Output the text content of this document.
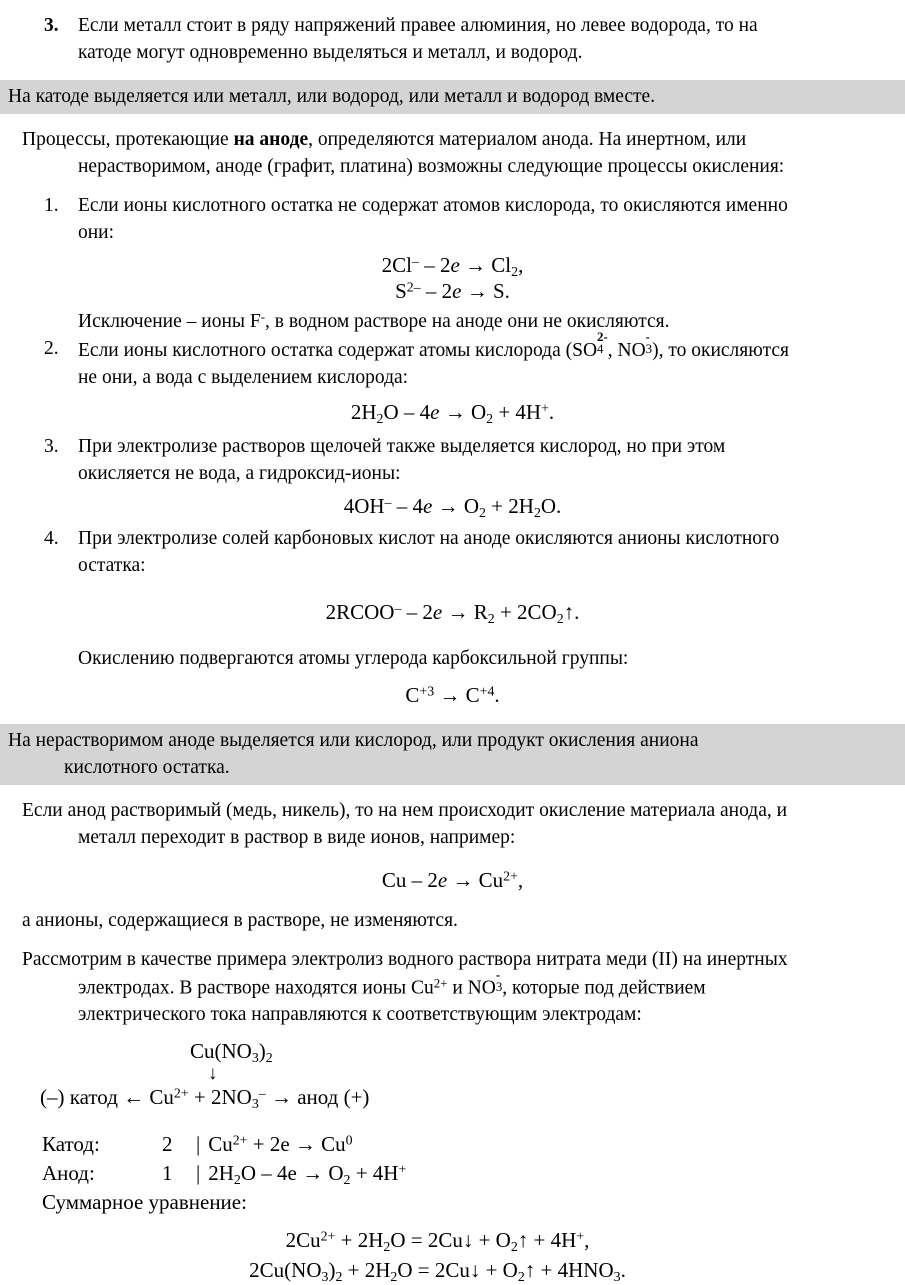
3. Если металл стоит в ряду напряжений правее алюминия, но левее водорода, то на
катоде могут одновременно выделяться и металл, и водород.
На катоде выделяется или металл, или водород, или металл и водород вместе.
Процессы, протекающие на аноде, определяются материалом анода. На инертном, или
нерастворимом, аноде (графит, платина) возможны следующие процессы окисления:
1. Если ионы кислотного остатка не содержат атомов кислорода, то окисляются именно
они:
$2Cl^- - 2e \to Cl_2$,
$S^{2-} - 2e \to S$.
Исключение – ионы F-, в водном растворе на аноде они не окисляются.
2. Если ионы кислотного остатка содержат атомы кислорода (SO
2-
4 , NO
-
3 ), то окисляются
не они, а вода с выделением кислорода:
$2H_2O - 4e \to O_2 + 4H^+$.
3. При электролизе растворов щелочей также выделяется кислород, но при этом
окисляется не вода, а гидроксид-ионы:
$4OH^- - 4e \to O_2 + 2H_2O$.
4. При электролизе солей карбоновых кислот на аноде окисляются анионы кислотного
остатка:
2RCOO– – $2e \to R_2$ + $2CO_2↑$.
Окислению подвергаются атомы углерода карбоксильной группы:
$C^{+3} \to C^{+4}$.
На нерастворимом аноде выделяется или кислород, или продукт окисления аниона
кислотного остатка.
Если анод растворимый (медь, никель), то на нем происходит окисление материала анода, и
металл переходит в раствор в виде ионов, например:
$Cu - 2e \to Cu^{2+}$,
а анионы, содержащиеся в растворе, не изменяются.
Рассмотрим в качестве примера электролиз водного раствора нитрата меди (II) на инертных
электродах. В растворе находятся ионы $Cu^{2+}$ и NO
-
3 , которые под действием
электрического тока направляются к соответствующим электродам:
$Cu(NO_3)_2$
↓
(–) катод ← $Cu^{2+} + 2NO_3^-$ → анод (+)
Катод:	2 | $Cu^{2+} + 2e \to Cu^0$
Анод:	1 | $2H_2O - 4e \to O_2 + 4H^+$
Суммарное уравнение:
$2Cu^{2+} + 2H_2O$ = 2Cu↓ + $O_2↑ + 4H^+$,
$2Cu(NO_3)_2 + 2H_2O$ = 2Cu↓ + $O_2↑ + 4HNO_3$.
